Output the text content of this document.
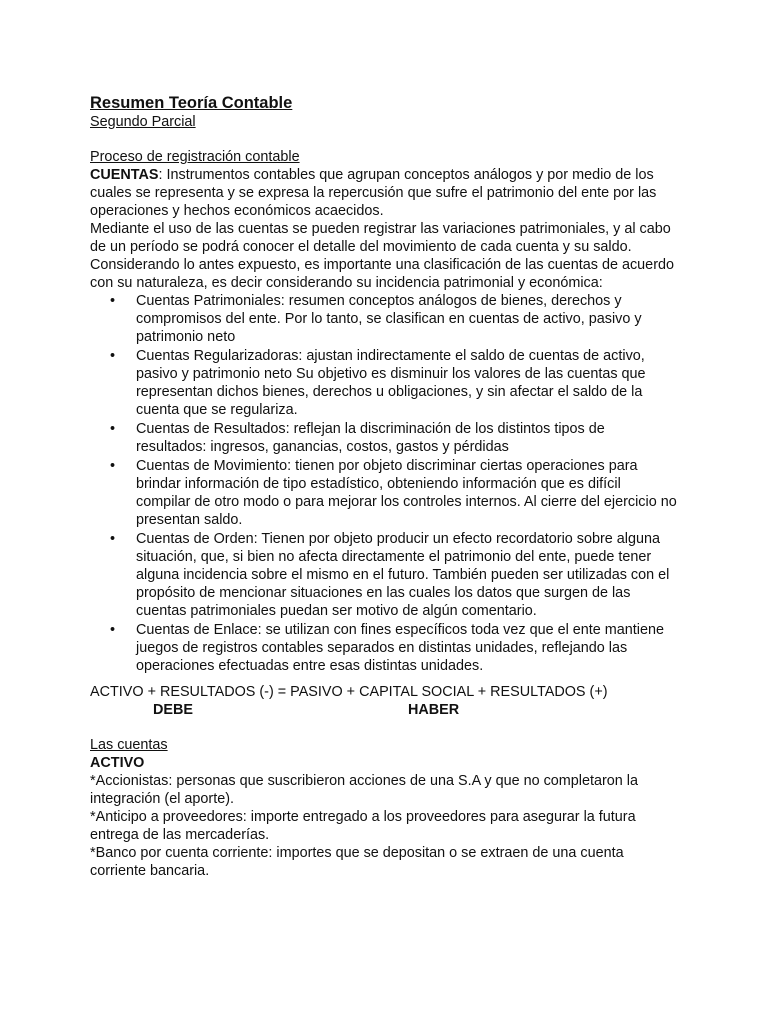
Resumen Teoría Contable
Segundo Parcial
Proceso de registración contable

CUENTAS: Instrumentos contables que agrupan conceptos análogos y por medio de los cuales se representa y se expresa la repercusión que sufre el patrimonio del ente por las operaciones y hechos económicos acaecidos.

Mediante el uso de las cuentas se pueden registrar las variaciones patrimoniales, y al cabo de un período se podrá conocer el detalle del movimiento de cada cuenta y su saldo.

Considerando lo antes expuesto, es importante una clasificación de las cuentas de acuerdo con su naturaleza, es decir considerando su incidencia patrimonial y económica:

• Cuentas Patrimoniales: resumen conceptos análogos de bienes, derechos y compromisos del ente. Por lo tanto, se clasifican en cuentas de activo, pasivo y patrimonio neto
• Cuentas Regularizadoras: ajustan indirectamente el saldo de cuentas de activo, pasivo y patrimonio neto Su objetivo es disminuir los valores de las cuentas que representan dichos bienes, derechos u obligaciones, y sin afectar el saldo de la cuenta que se regulariza.
• Cuentas de Resultados: reflejan la discriminación de los distintos tipos de resultados: ingresos, ganancias, costos, gastos y pérdidas
• Cuentas de Movimiento: tienen por objeto discriminar ciertas operaciones para brindar información de tipo estadístico, obteniendo información que es difícil compilar de otro modo o para mejorar los controles internos. Al cierre del ejercicio no presentan saldo.
• Cuentas de Orden: Tienen por objeto producir un efecto recordatorio sobre alguna situación, que, si bien no afecta directamente el patrimonio del ente, puede tener alguna incidencia sobre el mismo en el futuro. También pueden ser utilizadas con el propósito de mencionar situaciones en las cuales los datos que surgen de las cuentas patrimoniales puedan ser motivo de algún comentario.
• Cuentas de Enlace: se utilizan con fines específicos toda vez que el ente mantiene juegos de registros contables separados en distintas unidades, reflejando las operaciones efectuadas entre esas distintas unidades.
ACTIVO + RESULTADOS (-) = PASIVO + CAPITAL SOCIAL + RESULTADOS (+)
DEBE	HABER
Las cuentas
ACTIVO

*Accionistas: personas que suscribieron acciones de una S.A y que no completaron la integración (el aporte).

*Anticipo a proveedores: importe entregado a los proveedores para asegurar la futura entrega de las mercaderías.

*Banco por cuenta corriente: importes que se depositan o se extraen de una cuenta corriente bancaria.
